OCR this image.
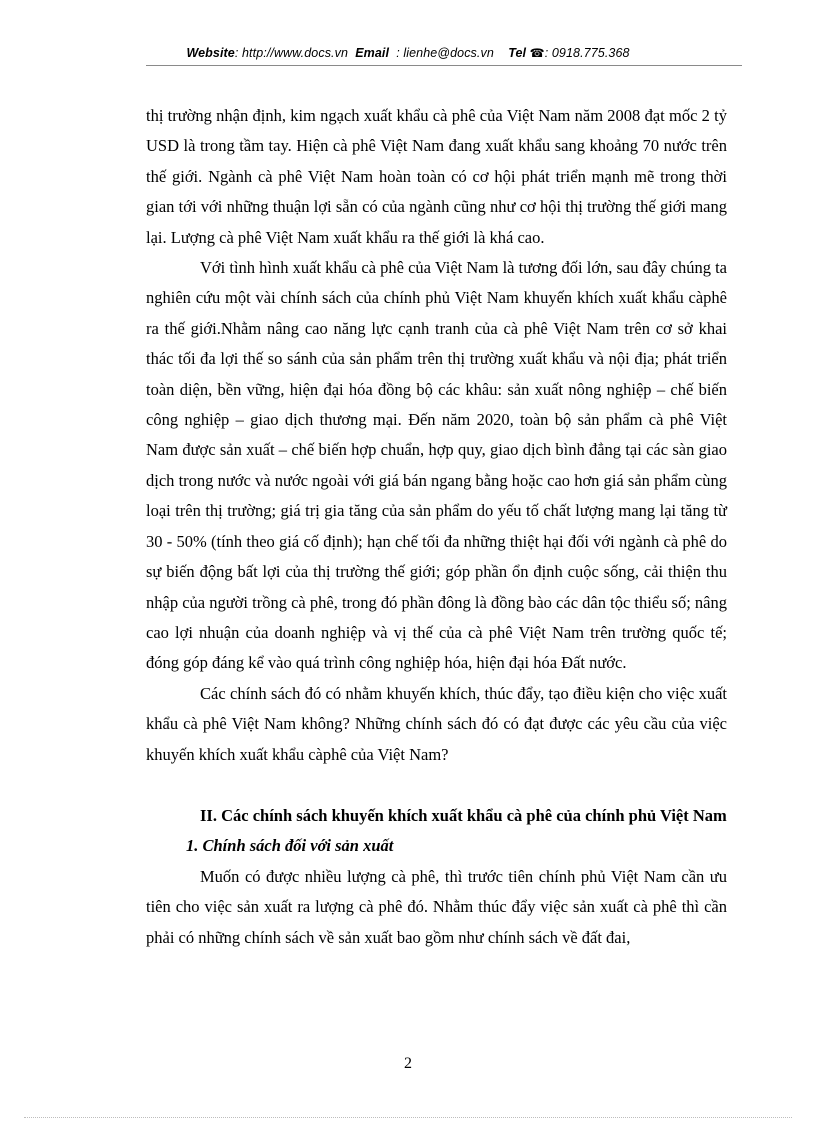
Website: http://www.docs.vn Email : lienhe@docs.vn Tel ☎: 0918.775.368

thị trường nhận định, kim ngạch xuất khẩu cà phê của Việt Nam năm 2008 đạt mốc 2 tỷ USD là trong tầm tay. Hiện cà phê Việt Nam đang xuất khẩu sang khoảng 70 nước trên thế giới. Ngành cà phê Việt Nam hoàn toàn có cơ hội phát triển mạnh mẽ trong thời gian tới với những thuận lợi sẵn có của ngành cũng như cơ hội thị trường thế giới mang lại. Lượng cà phê Việt Nam xuất khẩu ra thế giới là khá cao.

Với tình hình xuất khẩu cà phê của Việt Nam là tương đối lớn, sau đây chúng ta nghiên cứu một vài chính sách của chính phủ Việt Nam khuyến khích xuất khẩu càphê ra thế giới.Nhằm nâng cao năng lực cạnh tranh của cà phê Việt Nam trên cơ sở khai thác tối đa lợi thế so sánh của sản phẩm trên thị trường xuất khẩu và nội địa; phát triển toàn diện, bền vững, hiện đại hóa đồng bộ các khâu: sản xuất nông nghiệp – chế biến công nghiệp – giao dịch thương mại. Đến năm 2020, toàn bộ sản phẩm cà phê Việt Nam được sản xuất – chế biến hợp chuẩn, hợp quy, giao dịch bình đẳng tại các sàn giao dịch trong nước và nước ngoài với giá bán ngang bằng hoặc cao hơn giá sản phẩm cùng loại trên thị trường; giá trị gia tăng của sản phẩm do yếu tố chất lượng mang lại tăng từ 30 - 50% (tính theo giá cố định); hạn chế tối đa những thiệt hại đối với ngành cà phê do sự biến động bất lợi của thị trường thế giới; góp phần ổn định cuộc sống, cải thiện thu nhập của người trồng cà phê, trong đó phần đông là đồng bào các dân tộc thiểu số; nâng cao lợi nhuận của doanh nghiệp và vị thế của cà phê Việt Nam trên trường quốc tế; đóng góp đáng kể vào quá trình công nghiệp hóa, hiện đại hóa Đất nước.

Các chính sách đó có nhằm khuyến khích, thúc đẩy, tạo điều kiện cho việc xuất khẩu cà phê Việt Nam không? Những chính sách đó có đạt được các yêu cầu của việc khuyến khích xuất khẩu càphê của Việt Nam?

II. Các chính sách khuyến khích xuất khẩu cà phê của chính phủ Việt Nam

1. Chính sách đối với sản xuất

Muốn có được nhiều lượng cà phê, thì trước tiên chính phủ Việt Nam cần ưu tiên cho việc sản xuất ra lượng cà phê đó. Nhằm thúc đẩy việc sản xuất cà phê thì cần phải có những chính sách về sản xuất bao gồm như chính sách về đất đai,

2
